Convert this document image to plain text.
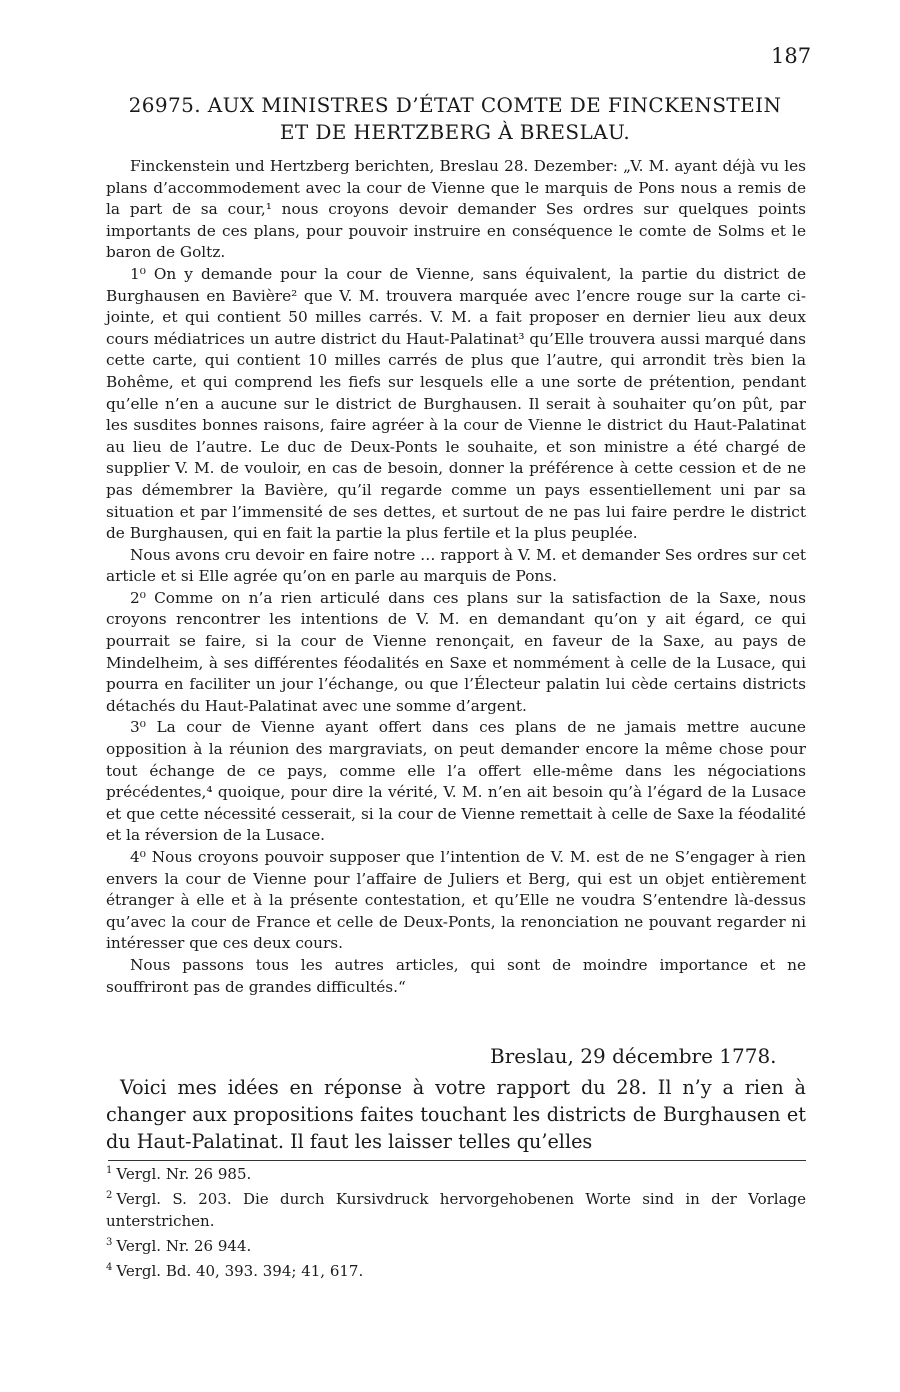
187
26975. AUX MINISTRES D’ÉTAT COMTE DE FINCKENSTEIN
ET DE HERTZBERG À BRESLAU.

Finckenstein und Hertzberg berichten, Breslau 28. Dezember: „V. M. ayant déjà vu les plans d’accommodement avec la cour de Vienne que le marquis de Pons nous a remis de la part de sa cour,¹ nous croyons devoir demander Ses ordres sur quelques points importants de ces plans, pour pouvoir instruire en conséquence le comte de Solms et le baron de Goltz.

1⁰ On y demande pour la cour de Vienne, sans équivalent, la partie du district de Burghausen en Bavière² que V. M. trouvera marquée avec l’encre rouge sur la carte ci-jointe, et qui contient 50 milles carrés. V. M. a fait proposer en dernier lieu aux deux cours médiatrices un autre district du Haut-Palatinat³ qu’Elle trouvera aussi marqué dans cette carte, qui contient 10 milles carrés de plus que l’autre, qui arrondit très bien la Bohême, et qui comprend les fiefs sur lesquels elle a une sorte de prétention, pendant qu’elle n’en a aucune sur le district de Burghausen. Il serait à souhaiter qu’on pût, par les susdites bonnes raisons, faire agréer à la cour de Vienne le district du Haut-Palatinat au lieu de l’autre. Le duc de Deux-Ponts le souhaite, et son ministre a été chargé de supplier V. M. de vouloir, en cas de besoin, donner la préférence à cette cession et de ne pas démembrer la Bavière, qu’il regarde comme un pays essentiellement uni par sa situation et par l’immensité de ses dettes, et surtout de ne pas lui faire perdre le district de Burghausen, qui en fait la partie la plus fertile et la plus peuplée.

Nous avons cru devoir en faire notre … rapport à V. M. et demander Ses ordres sur cet article et si Elle agrée qu’on en parle au marquis de Pons.

2⁰ Comme on n’a rien articulé dans ces plans sur la satisfaction de la Saxe, nous croyons rencontrer les intentions de V. M. en demandant qu’on y ait égard, ce qui pourrait se faire, si la cour de Vienne renonçait, en faveur de la Saxe, au pays de Mindelheim, à ses différentes féodalités en Saxe et nommément à celle de la Lusace, qui pourra en faciliter un jour l’échange, ou que l’Électeur palatin lui cède certains districts détachés du Haut-Palatinat avec une somme d’argent.

3⁰ La cour de Vienne ayant offert dans ces plans de ne jamais mettre aucune opposition à la réunion des margraviats, on peut demander encore la même chose pour tout échange de ce pays, comme elle l’a offert elle-même dans les négociations précédentes,⁴ quoique, pour dire la vérité, V. M. n’en ait besoin qu’à l’égard de la Lusace et que cette nécessité cesserait, si la cour de Vienne remettait à celle de Saxe la féodalité et la réversion de la Lusace.

4⁰ Nous croyons pouvoir supposer que l’intention de V. M. est de ne S’engager à rien envers la cour de Vienne pour l’affaire de Juliers et Berg, qui est un objet entièrement étranger à elle et à la présente contestation, et qu’Elle ne voudra S’entendre là-dessus qu’avec la cour de France et celle de Deux-Ponts, la renonciation ne pouvant regarder ni intéresser que ces deux cours.

Nous passons tous les autres articles, qui sont de moindre importance et ne souffriront pas de grandes difficultés.“

Breslau, 29 décembre 1778.
Voici mes idées en réponse à votre rapport du 28. Il n’y a rien à changer aux propositions faites touchant les districts de Burghausen et du Haut-Palatinat. Il faut les laisser telles qu’elles

$^1$ Vergl. Nr. 26 985.

$^2$ Vergl. S. 203. Die durch Kursivdruck hervorgehobenen Worte sind in der Vorlage unterstrichen.

$^3$ Vergl. Nr. 26 944.

$^4$ Vergl. Bd. 40, 393. 394; 41, 617.
